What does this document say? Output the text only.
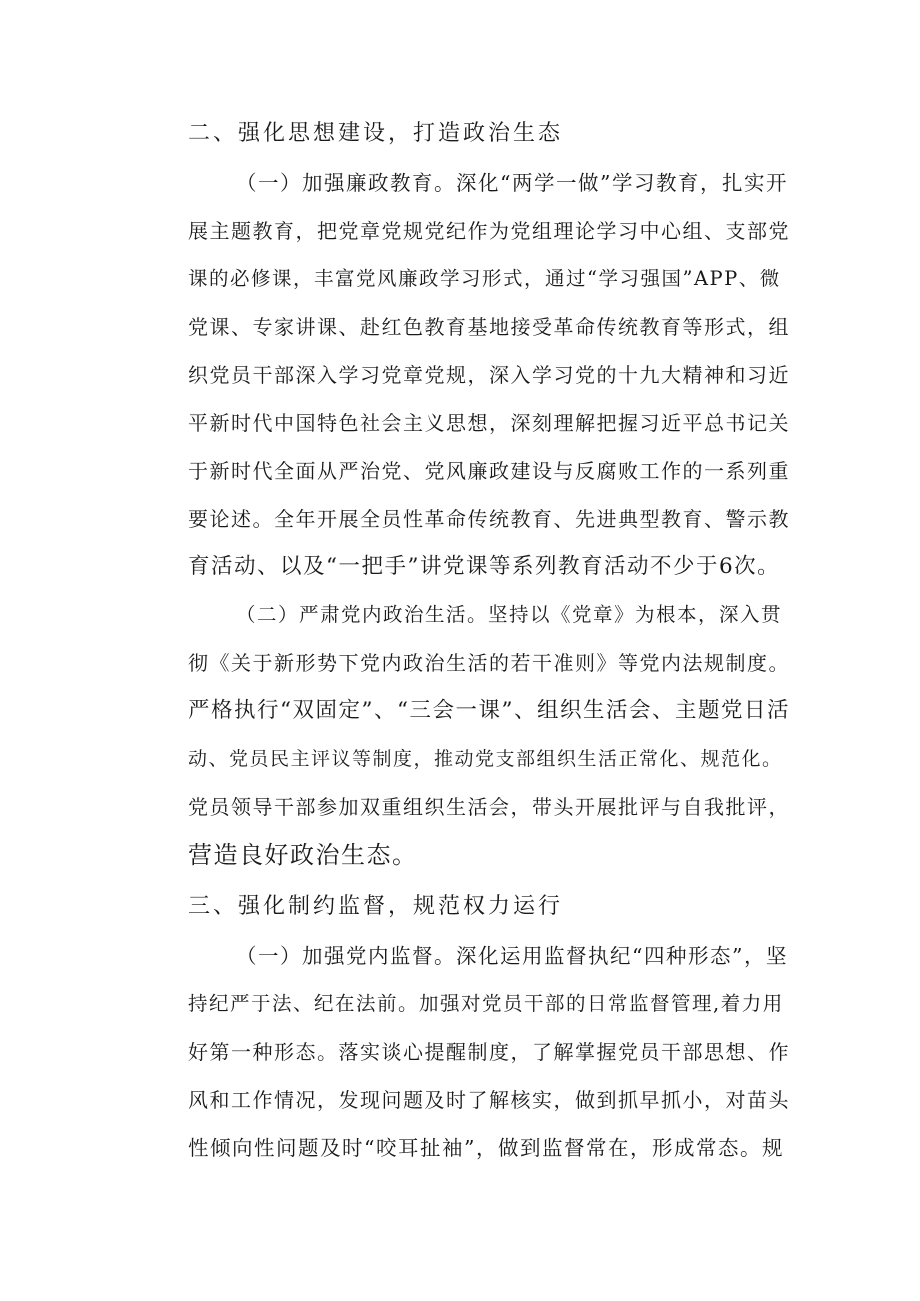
二、强化思想建设，打造政治生态
（一）加强廉政教育。深化“两学一做”学习教育，扎实开
展主题教育，把党章党规党纪作为党组理论学习中心组、支部党
课的必修课，丰富党风廉政学习形式，通过“学习强国”APP、微
党课、专家讲课、赴红色教育基地接受革命传统教育等形式，组
织党员干部深入学习党章党规，深入学习党的十九大精神和习近
平新时代中国特色社会主义思想，深刻理解把握习近平总书记关
于新时代全面从严治党、党风廉政建设与反腐败工作的一系列重
要论述。全年开展全员性革命传统教育、先进典型教育、警示教
育活动、以及“一把手”讲党课等系列教育活动不少于6次。
（二）严肃党内政治生活。坚持以《党章》为根本，深入贯
彻《关于新形势下党内政治生活的若干准则》等党内法规制度。
严格执行“双固定”、“三会一课”、组织生活会、主题党日活
动、党员民主评议等制度，推动党支部组织生活正常化、规范化。
党员领导干部参加双重组织生活会，带头开展批评与自我批评，
营造良好政治生态。
三、强化制约监督，规范权力运行
（一）加强党内监督。深化运用监督执纪“四种形态”，坚
持纪严于法、纪在法前。加强对党员干部的日常监督管理,着力用
好第一种形态。落实谈心提醒制度，了解掌握党员干部思想、作
风和工作情况，发现问题及时了解核实，做到抓早抓小，对苗头
性倾向性问题及时“咬耳扯袖”，做到监督常在，形成常态。规
